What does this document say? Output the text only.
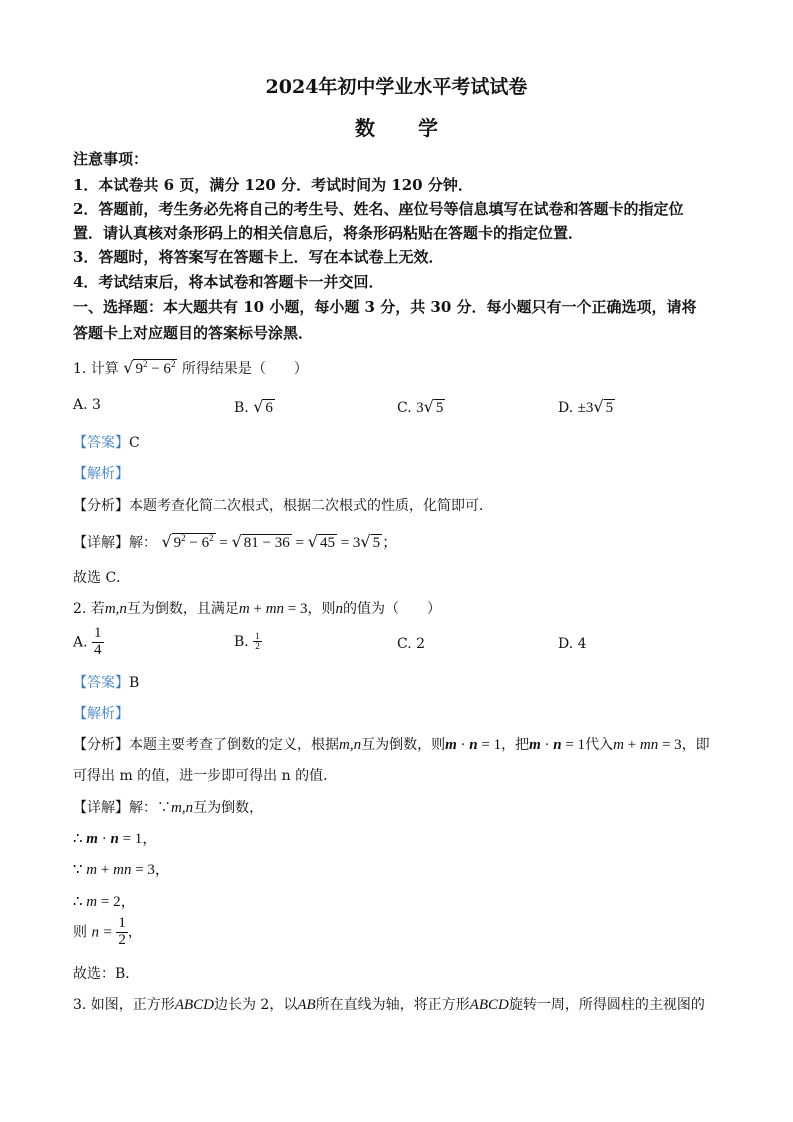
2024年初中学业水平考试试卷
数 学
注意事项：
1．本试卷共 6 页，满分 120 分．考试时间为 120 分钟．
2．答题前，考生务必先将自己的考生号、姓名、座位号等信息填写在试卷和答题卡的指定位
置．请认真核对条形码上的相关信息后，将条形码粘贴在答题卡的指定位置．
3．答题时，将答案写在答题卡上．写在本试卷上无效．
4．考试结束后，将本试卷和答题卡一并交回．
一、选择题：本大题共有 10 小题，每小题 3 分，共 30 分．每小题只有一个正确选项，请将
答题卡上对应题目的答案标号涂黑．
1. 计算 √ $9^2 - 6^2$ 所得结果是（　　）
A. 3	B. √ 6	C. 3√ 5	D. ±3√ 5
【答案】C
【解析】
【分析】本题考查化简二次根式，根据二次根式的性质，化简即可．
【详解】解： √ $9^2 - 6^2$ = √ 81 − 36 = √ 45 = 3√ 5 ；
故选 C．
2. 若m,n互为倒数，且满足m + mn = 3，则n的值为（　　）
A. $\frac{1}{4}$	B. $\frac{1}{2}$	C. 2	D. 4
【答案】B
【解析】
【分析】本题主要考查了倒数的定义，根据m,n互为倒数，则m · n = 1，把m · n = 1代入m + mn = 3，即
可得出 m 的值，进一步即可得出 n 的值．
【详解】解：∵m,n互为倒数，
∴ m · n = 1，
∵ m + mn = 3，
∴ m = 2，
则 $n = \frac{1}{2}$ ，
故选：B．
3. 如图，正方形ABCD边长为 2，以AB所在直线为轴，将正方形ABCD旋转一周，所得圆柱的主视图的
